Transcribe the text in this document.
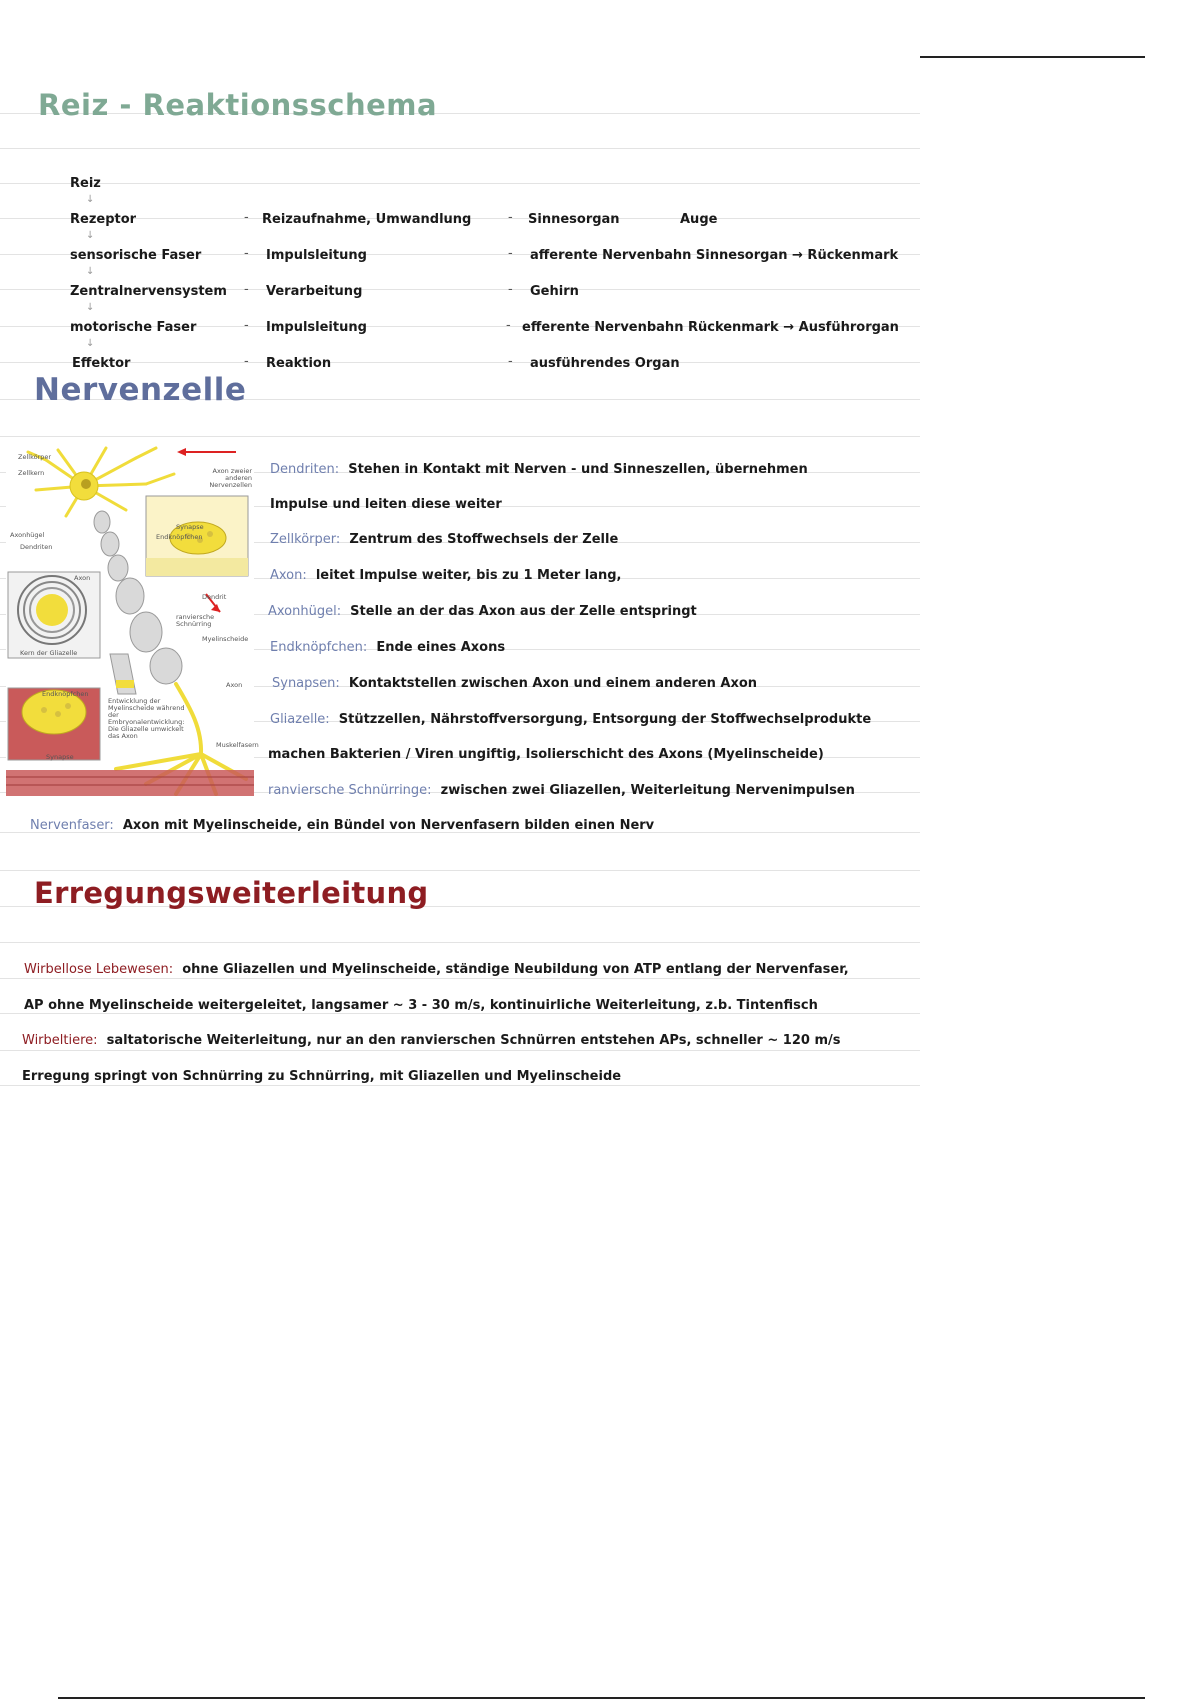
Reiz - Reaktionsschema
Reiz
↓
Rezeptor	- Reizaufnahme, Umwandlung	- Sinnesorgan	Auge
↓
sensorische Faser	- Impulsleitung	- afferente Nervenbahn Sinnesorgan → Rückenmark
↓
Zentralnervensystem - Verarbeitung	- Gehirn
↓
motorische Faser	- Impulsleitung	- efferente Nervenbahn Rückenmark → Ausführorgan
↓
Effektor	- Reaktion	- ausführendes Organ
Nervenzelle
Zellkörper
Zellkern
Axonhügel
Dendriten
Axon
Kern der Gliazelle
Endknöpfchen
Synapse
Axon zweier anderen Nervenzellen
Synapse
Endknöpfchen
Dendrit
ranviersche Schnürring
Myelinscheide
Axon
Entwicklung der Myelinscheide während der Embryonalentwicklung: Die Gliazelle umwickelt das Axon
Muskelfasern
Dendriten: Stehen in Kontakt mit Nerven - und Sinneszellen, übernehmen
Impulse und leiten diese weiter
Zellkörper: Zentrum des Stoffwechsels der Zelle
Axon: leitet Impulse weiter, bis zu 1 Meter lang,
Axonhügel: Stelle an der das Axon aus der Zelle entspringt
Endknöpfchen: Ende eines Axons
Synapsen: Kontaktstellen zwischen Axon und einem anderen Axon
Gliazelle: Stützzellen, Nährstoffversorgung, Entsorgung der Stoffwechselprodukte
machen Bakterien / Viren ungiftig, Isolierschicht des Axons (Myelinscheide)
ranviersche Schnürringe: zwischen zwei Gliazellen, Weiterleitung Nervenimpulsen
Nervenfaser: Axon mit Myelinscheide, ein Bündel von Nervenfasern bilden einen Nerv
Erregungsweiterleitung
Wirbellose Lebewesen: ohne Gliazellen und Myelinscheide, ständige Neubildung von ATP entlang der Nervenfaser,
AP ohne Myelinscheide weitergeleitet, langsamer ~ 3 - 30 m/s, kontinuirliche Weiterleitung, z.b. Tintenfisch
Wirbeltiere: saltatorische Weiterleitung, nur an den ranvierschen Schnürren entstehen APs, schneller ~ 120 m/s
Erregung springt von Schnürring zu Schnürring, mit Gliazellen und Myelinscheide
